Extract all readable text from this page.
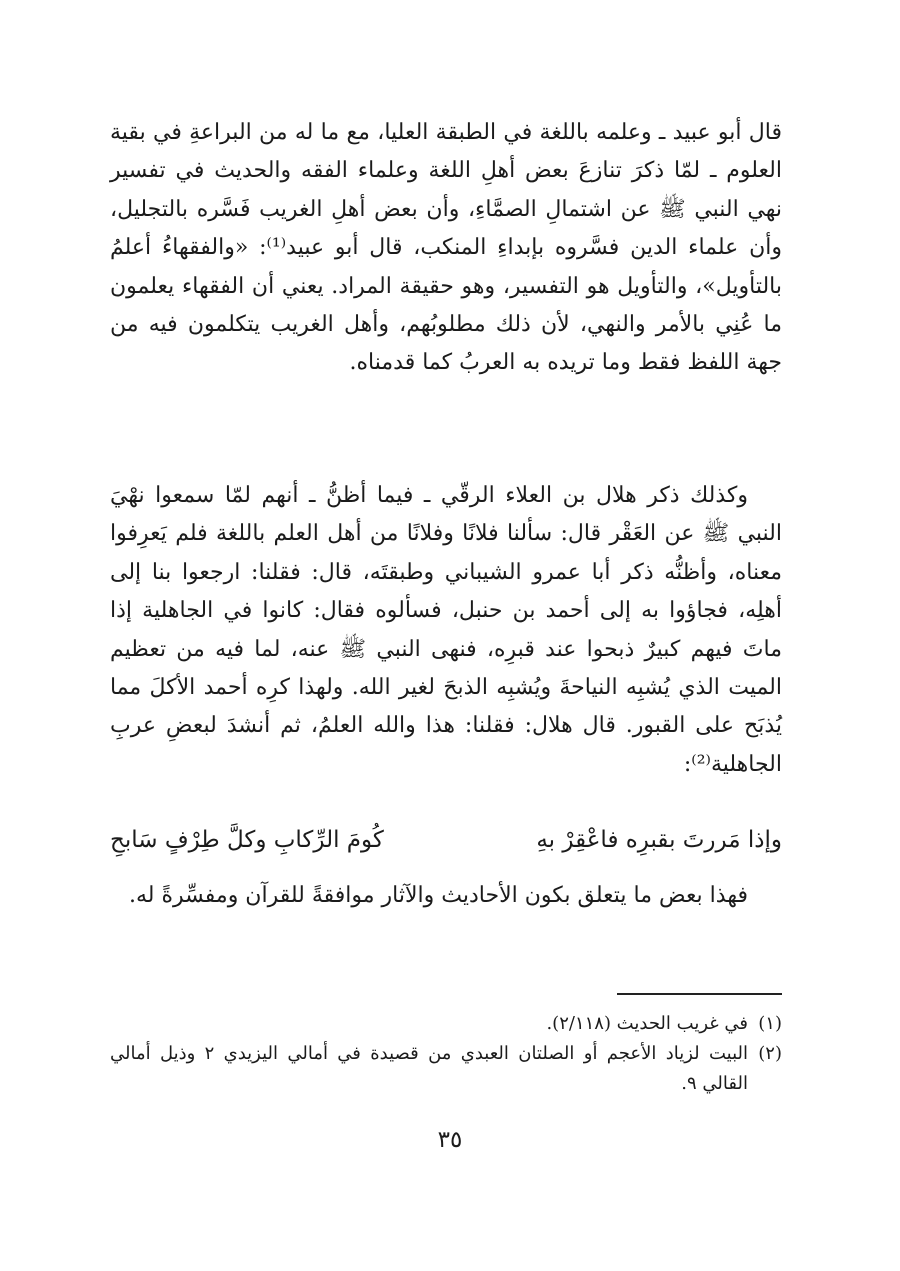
قال أبو عبيد ـ وعلمه باللغة في الطبقة العليا، مع ما له من البراعةِ في بقية العلوم ـ لمّا ذكرَ تنازعَ بعض أهلِ اللغة وعلماء الفقه والحديث في تفسير نهي النبي ﷺ عن اشتمالِ الصمَّاءِ، وأن بعض أهلِ الغريب فَسَّره بالتجليل، وأن علماء الدين فسَّروه بإبداءِ المنكب، قال أبو عبيد⁽¹⁾: «والفقهاءُ أعلمُ بالتأويل»، والتأويل هو التفسير، وهو حقيقة المراد. يعني أن الفقهاء يعلمون ما عُنِي بالأمر والنهي، لأن ذلك مطلوبُهم، وأهل الغريب يتكلمون فيه من جهة اللفظ فقط وما تريده به العربُ كما قدمناه.

وكذلك ذكر هلال بن العلاء الرقّي ـ فيما أظنُّ ـ أنهم لمّا سمعوا نهْيَ النبي ﷺ عن العَقْر قال: سألنا فلانًا وفلانًا من أهل العلم باللغة فلم يَعرِفوا معناه، وأظنُّه ذكر أبا عمرو الشيباني وطبقتَه، قال: فقلنا: ارجعوا بنا إلى أهلِه، فجاؤوا به إلى أحمد بن حنبل، فسألوه فقال: كانوا في الجاهلية إذا ماتَ فيهم كبيرٌ ذبحوا عند قبرِه، فنهى النبي ﷺ عنه، لما فيه من تعظيم الميت الذي يُشبِه النياحةَ ويُشبِه الذبحَ لغير الله. ولهذا كرِه أحمد الأكلَ مما يُذبَح على القبور. قال هلال: فقلنا: هذا والله العلمُ، ثم أنشدَ لبعضِ عربِ الجاهلية⁽²⁾:

وإذا مَررتَ بقبرِه فاعْقِرْ بهِ
كُومَ الرِّكابِ وكلَّ طِرْفٍ سَابحِ

فهذا بعض ما يتعلق بكون الأحاديث والآثار موافقةً للقرآن ومفسِّرةً له.

(١)
في غريب الحديث (٢/١١٨).
(٢)
البيت لزياد الأعجم أو الصلتان العبدي من قصيدة في أمالي اليزيدي ٢ وذيل أمالي القالي ٩.
٣٥
